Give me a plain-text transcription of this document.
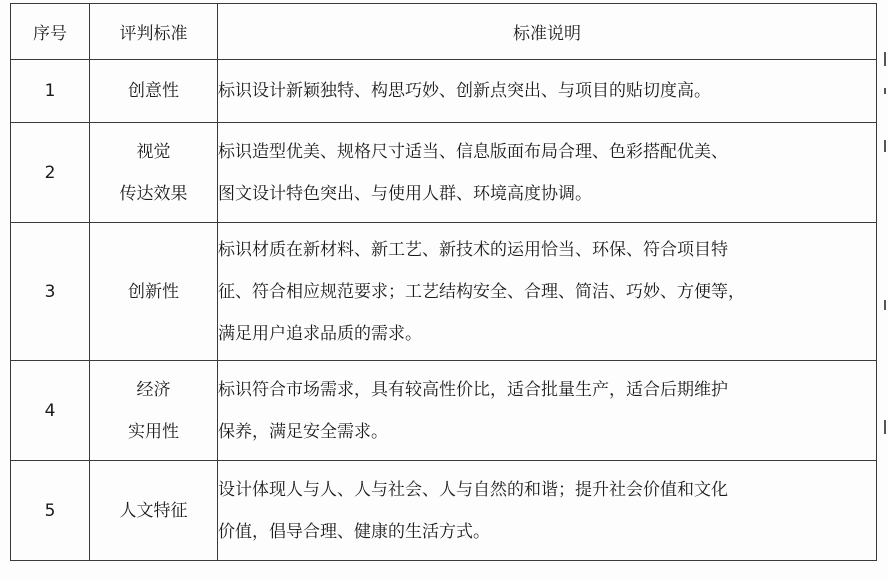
序号	评判标准	标准说明
1	创意性	标识设计新颖独特、构思巧妙、创新点突出、与项目的贴切度高。

2	视觉
传达效果	标识造型优美、规格尺寸适当、信息版面布局合理、色彩搭配优美、
图文设计特色突出、与使用人群、环境高度协调。

3	创新性	标识材质在新材料、新工艺、新技术的运用恰当、环保、符合项目特
征、符合相应规范要求；工艺结构安全、合理、简洁、巧妙、方便等，
满足用户追求品质的需求。

4	经济
实用性	标识符合市场需求，具有较高性价比，适合批量生产，适合后期维护
保养，满足安全需求。

5	人文特征	设计体现人与人、人与社会、人与自然的和谐；提升社会价值和文化
价值，倡导合理、健康的生活方式。
